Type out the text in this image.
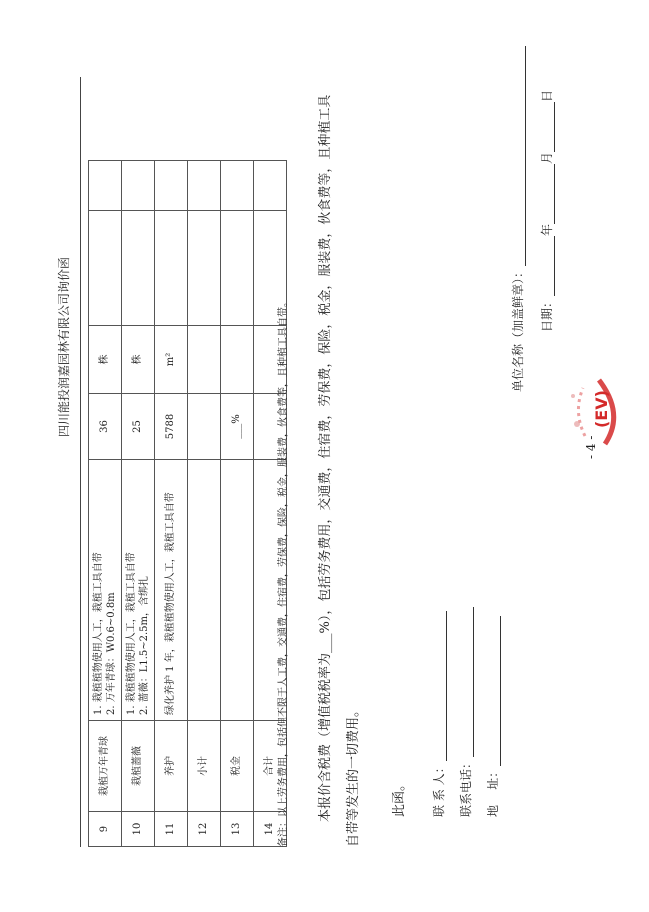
四川能投润嘉园林有限公司询价函
9	栽植万年青球	1. 栽植植物使用人工，栽植工具自带 2. 万年青球：W0.6~0.8m	36	株		
10	栽植蔷薇	1. 栽植植物使用人工，栽植工具自带 2. 蔷薇：L1.5~2.5m，含绑扎	25	株		
11	养护	绿化养护 1 年，栽植植物使用人工，栽植工具自带	5788	m²		
12	小计	

13	税金		___%			
14	合计	
				备注：以上劳务费用，包括但不限于人工费，交通费，住宿费，劳保费，保险，税金，服装费，伙食费等，且种植工具自带。	本报价含税费（增值税税率为___%），包括劳务费用，交通费，住宿费，劳保费，保险，税金，服装费，伙食费等，且种植工具	自带等发生的一切费用。	此函。 联 系 人： 联系电话： 地    址：
单位名称（加盖鲜章）： 日期：年月日
(EV)
- 4 -
